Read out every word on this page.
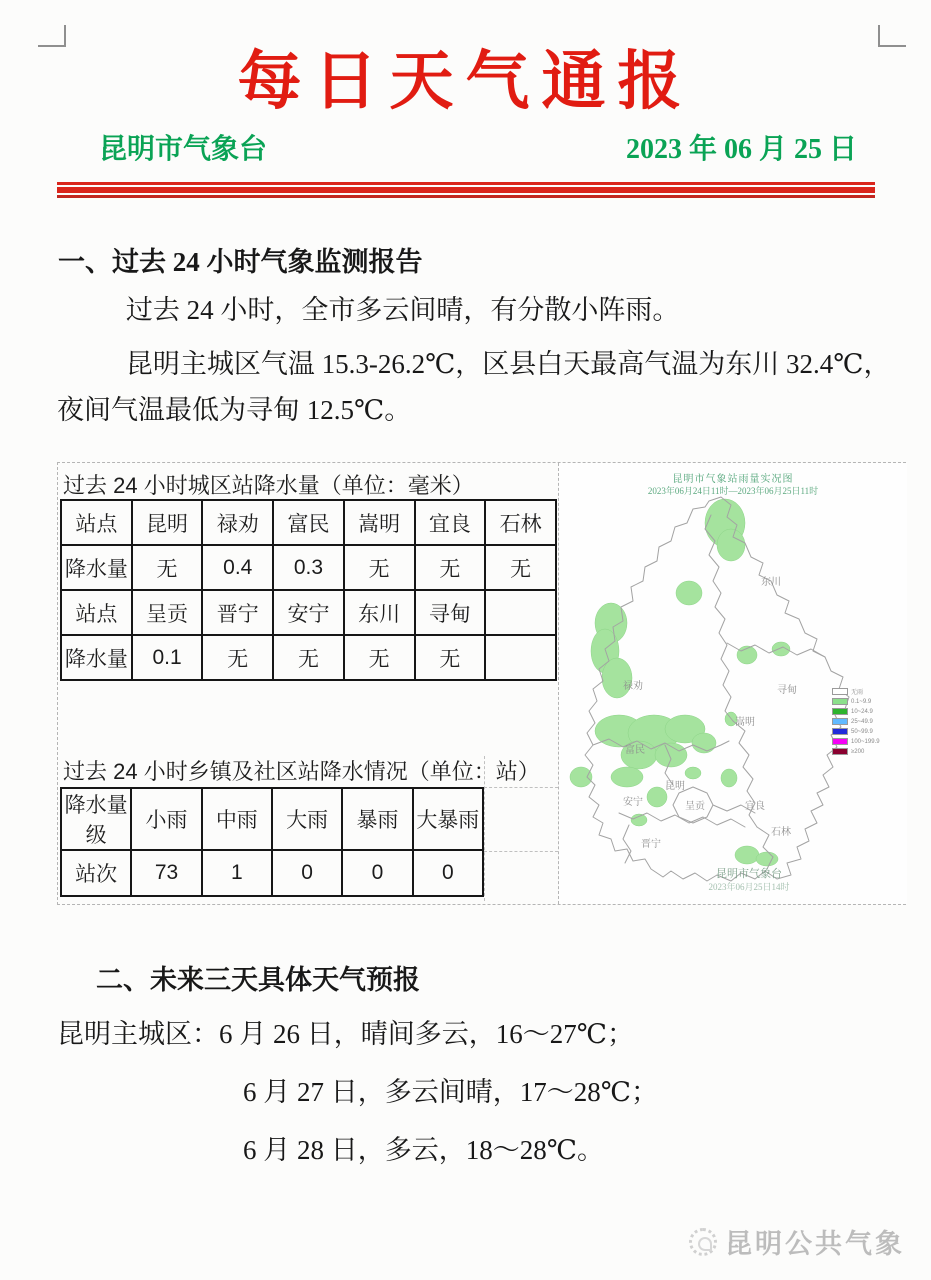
每日天气通报
昆明市气象台	2023 年 06 月 25 日
一、过去 24 小时气象监测报告

过去 24 小时，全市多云间晴，有分散小阵雨。

昆明主城区气温 15.3-26.2℃，区县白天最高气温为东川 32.4℃，夜间气温最低为寻甸 12.5℃。

过去 24 小时城区站降水量（单位：毫米）
站点	昆明	禄劝	富民	嵩明	宜良	石林
降水量	无	0.4	0.3	无	无	无
站点	呈贡	晋宁	安宁	东川	寻甸	
降水量	0.1	无	无	无	无	
过去 24 小时乡镇及社区站降水情况（单位：站）
降水量级	小雨	中雨	大雨	暴雨	大暴雨
站次	73	1	0	0	0
昆明市气象站雨量实况图
2023年06月24日11时—2023年06月25日11时
东川
禄劝	寻甸
嵩明
富民
昆明
安宁	呈贡	宜良
石林
晋宁
无雨
0.1~9.9
10~24.9
25~49.9
50~99.9
100~199.9
≥200
昆明市气象台
2023年06月25日14时
二、未来三天具体天气预报
昆明主城区：6 月 26 日，晴间多云，16～27℃；
6 月 27 日，多云间晴，17～28℃；
6 月 28 日，多云，18～28℃。
昆明公共气象
